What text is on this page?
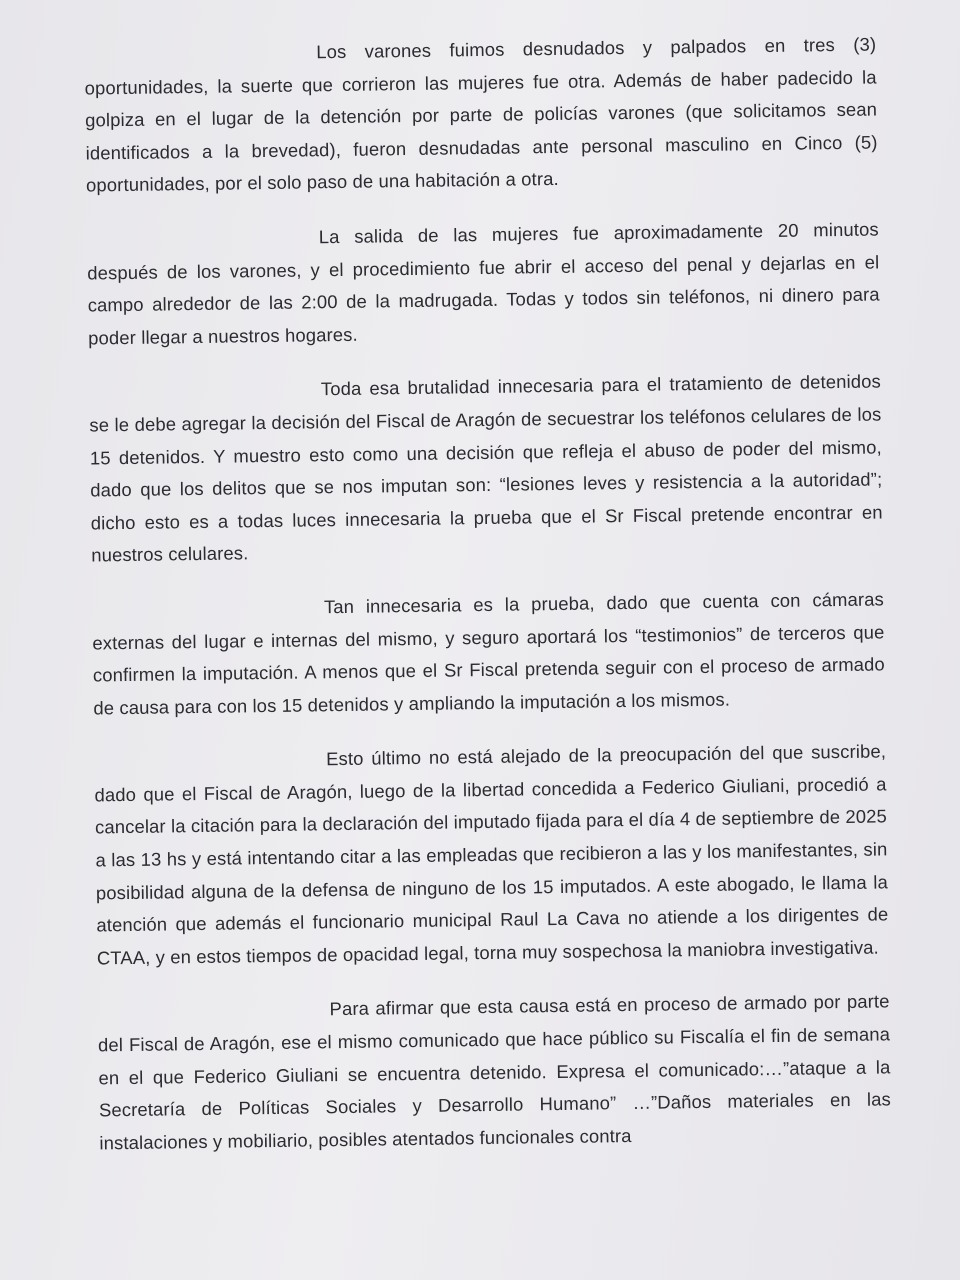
Los varones fuimos desnudados y palpados en tres (3) oportunidades, la suerte que corrieron las mujeres fue otra. Además de haber padecido la golpiza en el lugar de la detención por parte de policías varones (que solicitamos sean identificados a la brevedad), fueron desnudadas ante personal masculino en Cinco (5) oportunidades, por el solo paso de una habitación a otra.

La salida de las mujeres fue aproximadamente 20 minutos después de los varones, y el procedimiento fue abrir el acceso del penal y dejarlas en el campo alrededor de las 2:00 de la madrugada. Todas y todos sin teléfonos, ni dinero para poder llegar a nuestros hogares.

Toda esa brutalidad innecesaria para el tratamiento de detenidos se le debe agregar la decisión del Fiscal de Aragón de secuestrar los teléfonos celulares de los 15 detenidos. Y muestro esto como una decisión que refleja el abuso de poder del mismo, dado que los delitos que se nos imputan son: “lesiones leves y resistencia a la autoridad”; dicho esto es a todas luces innecesaria la prueba que el Sr Fiscal pretende encontrar en nuestros celulares.

Tan innecesaria es la prueba, dado que cuenta con cámaras externas del lugar e internas del mismo, y seguro aportará los “testimonios” de terceros que confirmen la imputación. A menos que el Sr Fiscal pretenda seguir con el proceso de armado de causa para con los 15 detenidos y ampliando la imputación a los mismos.

Esto último no está alejado de la preocupación del que suscribe, dado que el Fiscal de Aragón, luego de la libertad concedida a Federico Giuliani, procedió a cancelar la citación para la declaración del imputado fijada para el día 4 de septiembre de 2025 a las 13 hs y está intentando citar a las empleadas que recibieron a las y los manifestantes, sin posibilidad alguna de la defensa de ninguno de los 15 imputados. A este abogado, le llama la atención que además el funcionario municipal Raul La Cava no atiende a los dirigentes de CTAA, y en estos tiempos de opacidad legal, torna muy sospechosa la maniobra investigativa.

Para afirmar que esta causa está en proceso de armado por parte del Fiscal de Aragón, ese el mismo comunicado que hace público su Fiscalía el fin de semana en el que Federico Giuliani se encuentra detenido. Expresa el comunicado:…”ataque a la Secretaría de Políticas Sociales y Desarrollo Humano” …”Daños materiales en las instalaciones y mobiliario, posibles atentados funcionales contra
